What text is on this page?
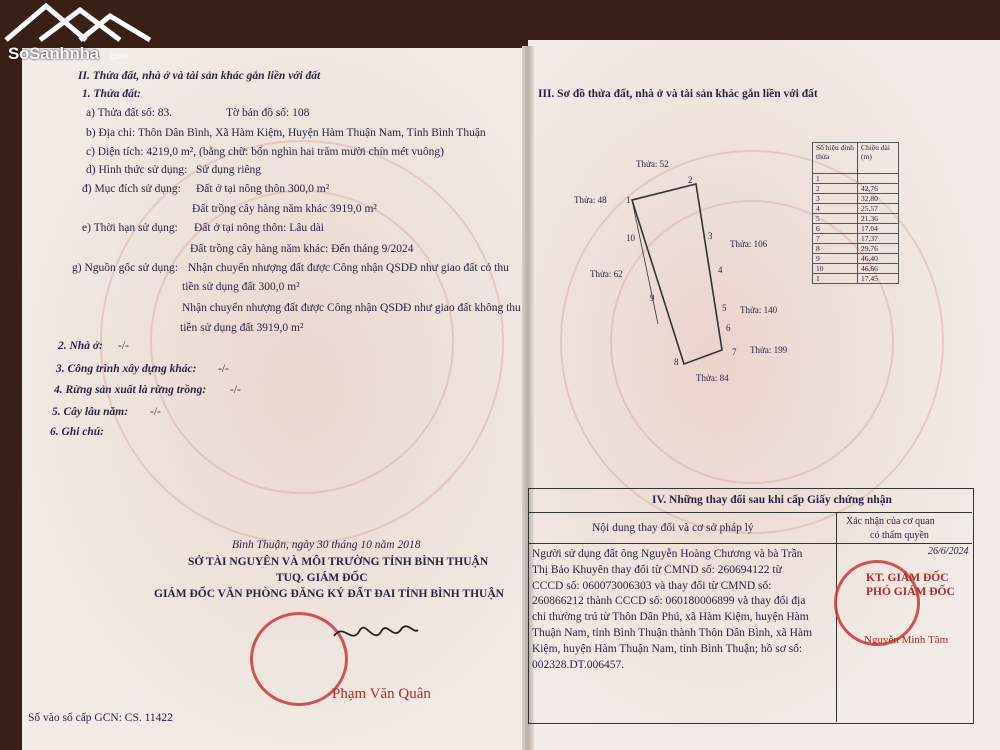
SoSanhnha .com
II. Thửa đất, nhà ở và tài sản khác gắn liền với đất
1. Thửa đất:
a) Thửa đất số: 83.	Tờ bản đồ số: 108
b) Địa chỉ: Thôn Dân Bình, Xã Hàm Kiệm, Huyện Hàm Thuận Nam, Tỉnh Bình Thuận
c) Diện tích: 4219,0 m², (bằng chữ: bốn nghìn hai trăm mười chín mét vuông)
d) Hình thức sử dụng: Sử dụng riêng
đ) Mục đích sử dụng: Đất ở tại nông thôn 300,0 m²
Đất trồng cây hàng năm khác 3919,0 m²
e) Thời hạn sử dụng: Đất ở tại nông thôn: Lâu dài
Đất trồng cây hàng năm khác: Đến tháng 9/2024
g) Nguồn gốc sử dụng: Nhận chuyển nhượng đất được Công nhận QSDĐ như giao đất có thu
tiền sử dụng đất 300,0 m²
Nhận chuyển nhượng đất được Công nhận QSDĐ như giao đất không thu
tiền sử dụng đất 3919,0 m²
2. Nhà ở: -/-
3. Công trình xây dựng khác: -/-
4. Rừng sản xuất là rừng trồng: -/-
5. Cây lâu năm: -/-
6. Ghi chú:
Bình Thuận, ngày 30 tháng 10 năm 2018
SỞ TÀI NGUYÊN VÀ MÔI TRƯỜNG TỈNH BÌNH THUẬN
TUQ. GIÁM ĐỐC
GIÁM ĐỐC VĂN PHÒNG ĐĂNG KÝ ĐẤT ĐAI TỈNH BÌNH THUẬN
Phạm Văn Quân
Số vào sổ cấp GCN: CS. 11422
III. Sơ đồ thửa đất, nhà ở và tài sản khác gắn liền với đất
Thửa: 52
Thửa: 48
Thửa: 106
Thửa: 62
Thửa: 140
Thửa: 199
Thửa: 84
1
2
3
4
5
6
7
8
9
10
Số hiệu đỉnh thửa	Chiều dài (m)
1	
2	42,76
3	32,80
4	25,57
5	21,36
6	17,04
7	17,37
8	29,76
9	46,40
10	46,66
1	17,45
IV. Những thay đổi sau khi cấp Giấy chứng nhận
Nội dung thay đổi và cơ sở pháp lý
Xác nhận của cơ quan
có thẩm quyền
Người sử dụng đất ông Nguyễn Hoàng Chương và bà Trần
Thị Bảo Khuyên thay đổi từ CMND số: 260694122 từ
CCCD số: 060073006303 và thay đổi từ CMND số:
260866212 thành CCCD số: 060180006899 và thay đổi địa
chỉ thường trú từ Thôn Dân Phú, xã Hàm Kiệm, huyện Hàm
Thuận Nam, tỉnh Bình Thuận thành Thôn Dân Bình, xã Hàm
Kiệm, huyện Hàm Thuận Nam, tỉnh Bình Thuận; hồ sơ số:
002328.DT.006457.
26/6/2024
KT. GIÁM ĐỐC
PHÓ GIÁM ĐỐC
Nguyễn Minh Tâm
